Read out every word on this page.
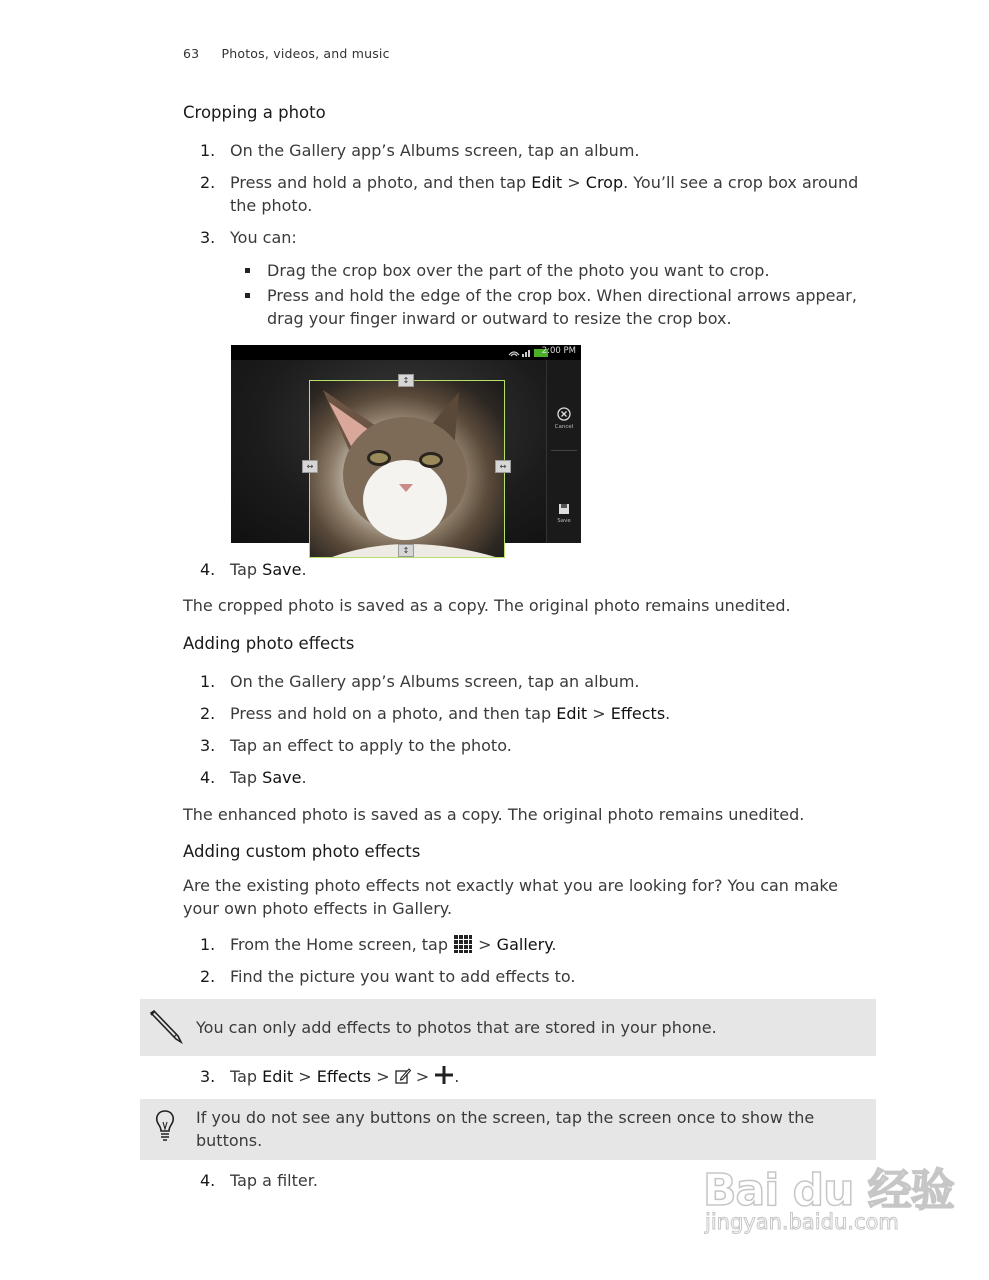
63 Photos, videos, and music
Cropping a photo
1. On the Gallery app’s Albums screen, tap an album.
2. Press and hold a photo, and then tap Edit > Crop. You’ll see a crop box around the photo.
3. You can:
Drag the crop box over the part of the photo you want to crop.
Press and hold the edge of the crop box. When directional arrows appear, drag your finger inward or outward to resize the crop box.
2:00 PM
↕
↕
↔	↔
Cancel
Save
4. Tap Save.
The cropped photo is saved as a copy. The original photo remains unedited.
Adding photo effects
1. On the Gallery app’s Albums screen, tap an album.
2. Press and hold on a photo, and then tap Edit > Effects.
3. Tap an effect to apply to the photo.
4. Tap Save.
The enhanced photo is saved as a copy. The original photo remains unedited.
Adding custom photo effects
Are the existing photo effects not exactly what you are looking for? You can make your own photo effects in Gallery.
1. From the Home screen, tap  > Gallery.
2. Find the picture you want to add effects to.
You can only add effects to photos that are stored in your phone.
3. Tap Edit > Effects >  > .
If you do not see any buttons on the screen, tap the screen once to show the buttons.
4. Tap a filter.	Bai du 经验
jingyan.baidu.com
